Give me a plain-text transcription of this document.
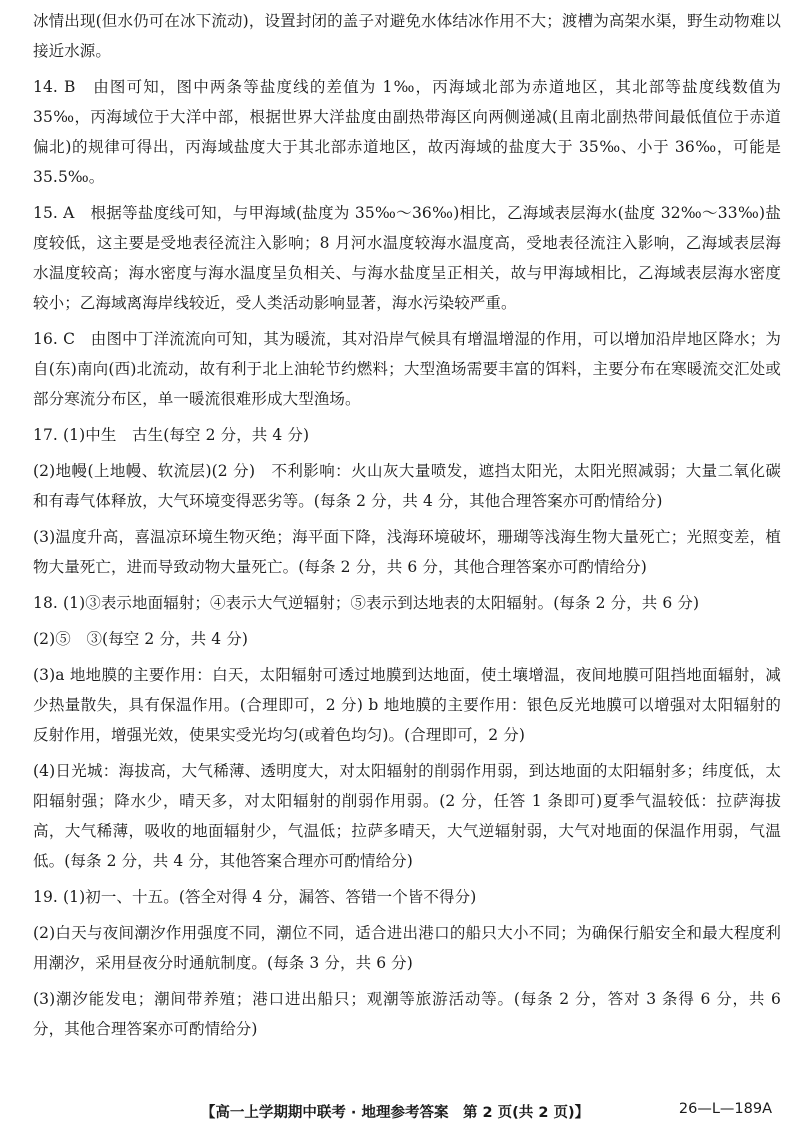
冰情出现(但水仍可在冰下流动)，设置封闭的盖子对避免水体结冰作用不大；渡槽为高架水渠，野生动物难以接近水源。

14. B　由图可知，图中两条等盐度线的差值为 1‰，丙海域北部为赤道地区，其北部等盐度线数值为 35‰，丙海域位于大洋中部，根据世界大洋盐度由副热带海区向两侧递减(且南北副热带间最低值位于赤道偏北)的规律可得出，丙海域盐度大于其北部赤道地区，故丙海域的盐度大于 35‰、小于 36‰，可能是 35.5‰。

15. A　根据等盐度线可知，与甲海域(盐度为 35‰～36‰)相比，乙海域表层海水(盐度 32‰～33‰)盐度较低，这主要是受地表径流注入影响；8 月河水温度较海水温度高，受地表径流注入影响，乙海域表层海水温度较高；海水密度与海水温度呈负相关、与海水盐度呈正相关，故与甲海域相比，乙海域表层海水密度较小；乙海域离海岸线较近，受人类活动影响显著，海水污染较严重。

16. C　由图中丁洋流流向可知，其为暖流，其对沿岸气候具有增温增湿的作用，可以增加沿岸地区降水；为自(东)南向(西)北流动，故有利于北上油轮节约燃料；大型渔场需要丰富的饵料，主要分布在寒暖流交汇处或部分寒流分布区，单一暖流很难形成大型渔场。

17. (1)中生　古生(每空 2 分，共 4 分)

(2)地幔(上地幔、软流层)(2 分)　不利影响：火山灰大量喷发，遮挡太阳光，太阳光照减弱；大量二氧化碳和有毒气体释放，大气环境变得恶劣等。(每条 2 分，共 4 分，其他合理答案亦可酌情给分)

(3)温度升高，喜温凉环境生物灭绝；海平面下降，浅海环境破坏，珊瑚等浅海生物大量死亡；光照变差，植物大量死亡，进而导致动物大量死亡。(每条 2 分，共 6 分，其他合理答案亦可酌情给分)

18. (1)③表示地面辐射；④表示大气逆辐射；⑤表示到达地表的太阳辐射。(每条 2 分，共 6 分)

(2)⑤　③(每空 2 分，共 4 分)

(3)a 地地膜的主要作用：白天，太阳辐射可透过地膜到达地面，使土壤增温，夜间地膜可阻挡地面辐射，减少热量散失，具有保温作用。(合理即可，2 分) b 地地膜的主要作用：银色反光地膜可以增强对太阳辐射的反射作用，增强光效，使果实受光均匀(或着色均匀)。(合理即可，2 分)

(4)日光城：海拔高，大气稀薄、透明度大，对太阳辐射的削弱作用弱，到达地面的太阳辐射多；纬度低，太阳辐射强；降水少，晴天多，对太阳辐射的削弱作用弱。(2 分，任答 1 条即可)夏季气温较低：拉萨海拔高，大气稀薄，吸收的地面辐射少，气温低；拉萨多晴天，大气逆辐射弱，大气对地面的保温作用弱，气温低。(每条 2 分，共 4 分，其他答案合理亦可酌情给分)

19. (1)初一、十五。(答全对得 4 分，漏答、答错一个皆不得分)

(2)白天与夜间潮汐作用强度不同，潮位不同，适合进出港口的船只大小不同；为确保行船安全和最大程度利用潮汐，采用昼夜分时通航制度。(每条 3 分，共 6 分)

(3)潮汐能发电；潮间带养殖；港口进出船只；观潮等旅游活动等。(每条 2 分，答对 3 条得 6 分，共 6 分，其他合理答案亦可酌情给分)

【高一上学期期中联考 · 地理参考答案　第 2 页(共 2 页)】	26—L—189A
